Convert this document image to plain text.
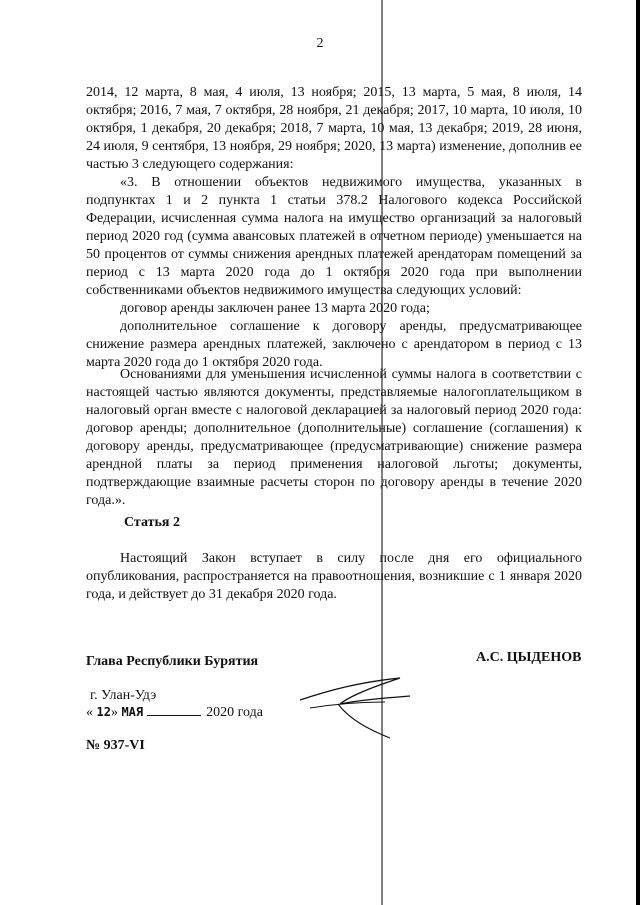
2

2014, 12 марта, 8 мая, 4 июля, 13 ноября; 2015, 13 марта, 5 мая, 8 июля, 14 октября; 2016, 7 мая, 7 октября, 28 ноября, 21 декабря; 2017, 10 марта, 10 июля, 10 октября, 1 декабря, 20 декабря; 2018, 7 марта, 10 мая, 13 декабря; 2019, 28 июня, 24 июля, 9 сентября, 13 ноября, 29 ноября; 2020, 13 марта) изменение, дополнив ее частью 3 следующего содержания:

«3. В отношении объектов недвижимого имущества, указанных в подпунктах 1 и 2 пункта 1 статьи 378.2 Налогового кодекса Российской Федерации, исчисленная сумма налога на имущество организаций за налоговый период 2020 год (сумма авансовых платежей в отчетном периоде) уменьшается на 50 процентов от суммы снижения арендных платежей арендаторам помещений за период с 13 марта 2020 года до 1 октября 2020 года при выполнении собственниками объектов недвижимого имущества следующих условий:

договор аренды заключен ранее 13 марта 2020 года;

дополнительное соглашение к договору аренды, предусматривающее снижение размера арендных платежей, заключено с арендатором в период с 13 марта 2020 года до 1 октября 2020 года.

Основаниями для уменьшения исчисленной суммы налога в соответствии с настоящей частью являются документы, представляемые налогоплательщиком в налоговый орган вместе с налоговой декларацией за налоговый период 2020 года: договор аренды; дополнительное (дополнительные) соглашение (соглашения) к договору аренды, предусматривающее (предусматривающие) снижение размера арендной платы за период применения налоговой льготы; документы, подтверждающие взаимные расчеты сторон по договору аренды в течение 2020 года.».

Статья 2

Настоящий Закон вступает в силу после дня его официального опубликования, распространяется на правоотношения, возникшие с 1 января 2020 года, и действует до 31 декабря 2020 года.

Глава Республики Бурятия	А.С. ЦЫДЕНОВ
г. Улан-Удэ
« 12» МАЯ	2020 года
№ 937-VI
